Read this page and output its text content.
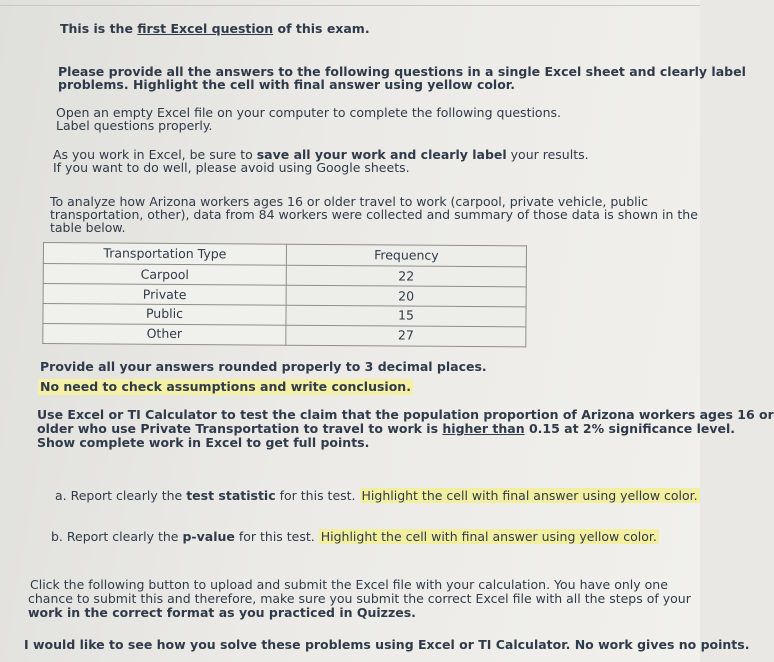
This is the first Excel question of this exam.
Please provide all the answers to the following questions in a single Excel sheet and clearly label
problems. Highlight the cell with final answer using yellow color.
Open an empty Excel file on your computer to complete the following questions.
Label questions properly.
As you work in Excel, be sure to save all your work and clearly label your results.
If you want to do well, please avoid using Google sheets.
To analyze how Arizona workers ages 16 or older travel to work (carpool, private vehicle, public
transportation, other), data from 84 workers were collected and summary of those data is shown in the
table below.
Transportation Type	Frequency
Carpool	22
Private	20
Public	15
Other	27
Provide all your answers rounded properly to 3 decimal places.
No need to check assumptions and write conclusion.
Use Excel or TI Calculator to test the claim that the population proportion of Arizona workers ages 16 or
older who use Private Transportation to travel to work is higher than 0.15 at 2% significance level.
Show complete work in Excel to get full points.
a. Report clearly the test statistic for this test. Highlight the cell with final answer using yellow color.
b. Report clearly the p-value for this test. Highlight the cell with final answer using yellow color.
Click the following button to upload and submit the Excel file with your calculation. You have only one
chance to submit this and therefore, make sure you submit the correct Excel file with all the steps of your
work in the correct format as you practiced in Quizzes.
I would like to see how you solve these problems using Excel or TI Calculator. No work gives no points.
